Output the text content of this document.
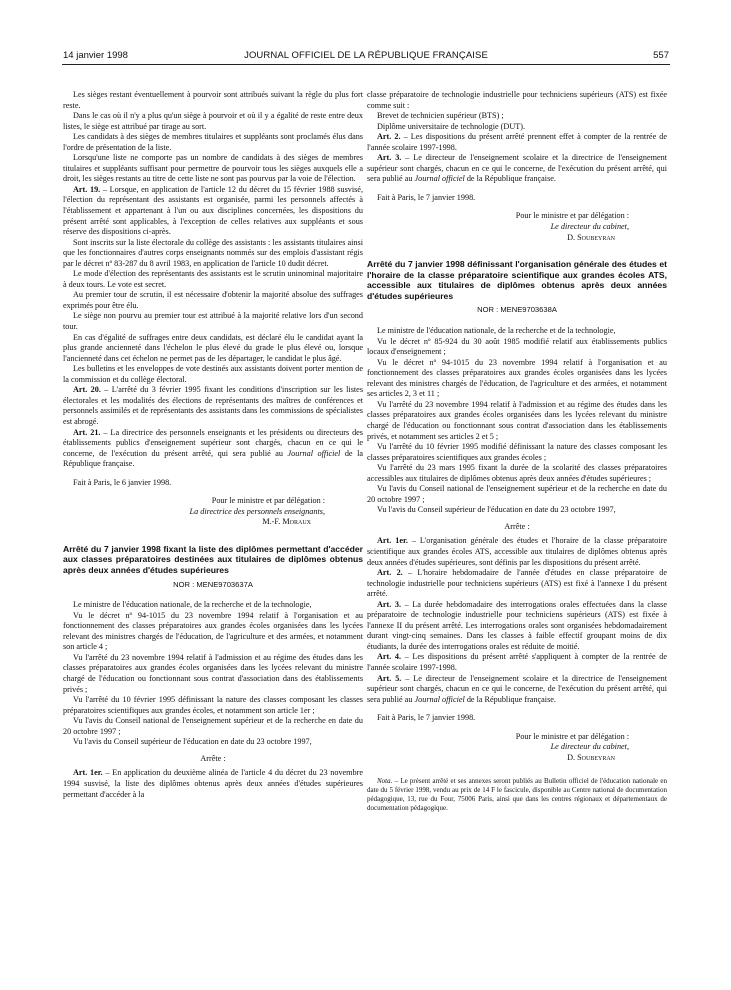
14 janvier 1998	JOURNAL OFFICIEL DE LA RÉPUBLIQUE FRANÇAISE	557

Les sièges restant éventuellement à pourvoir sont attribués suivant la règle du plus fort reste.

Dans le cas où il n'y a plus qu'un siège à pourvoir et où il y a égalité de reste entre deux listes, le siège est attribué par tirage au sort.

Les candidats à des sièges de membres titulaires et suppléants sont proclamés élus dans l'ordre de présentation de la liste.

Lorsqu'une liste ne comporte pas un nombre de candidats à des sièges de membres titulaires et suppléants suffisant pour permettre de pourvoir tous les sièges auxquels elle a droit, les sièges restants au titre de cette liste ne sont pas pourvus par la voie de l'élection.

Art. 19. – Lorsque, en application de l'article 12 du décret du 15 février 1988 susvisé, l'élection du représentant des assistants est organisée, parmi les personnels affectés à l'établissement et appartenant à l'un ou aux disciplines concernées, les dispositions du présent arrêté sont applicables, à l'exception de celles relatives aux suppléants et sous réserve des dispositions ci-après.

Sont inscrits sur la liste électorale du collège des assistants : les assistants titulaires ainsi que les fonctionnaires d'autres corps enseignants nommés sur des emplois d'assistant régis par le décret nº 83-287 du 8 avril 1983, en application de l'article 10 dudit décret.

Le mode d'élection des représentants des assistants est le scrutin uninominal majoritaire à deux tours. Le vote est secret.

Au premier tour de scrutin, il est nécessaire d'obtenir la majorité absolue des suffrages exprimés pour être élu.

Le siège non pourvu au premier tour est attribué à la majorité relative lors d'un second tour.

En cas d'égalité de suffrages entre deux candidats, est déclaré élu le candidat ayant la plus grande ancienneté dans l'échelon le plus élevé du grade le plus élevé ou, lorsque l'ancienneté dans cet échelon ne permet pas de les départager, le candidat le plus âgé.

Les bulletins et les enveloppes de vote destinés aux assistants doivent porter mention de la commission et du collège électoral.

Art. 20. – L'arrêté du 3 février 1995 fixant les conditions d'inscription sur les listes électorales et les modalités des élections de représentants des maîtres de conférences et personnels assimilés et de représentants des assistants dans les commissions de spécialistes est abrogé.

Art. 21. – La directrice des personnels enseignants et les présidents ou directeurs des établissements publics d'enseignement supérieur sont chargés, chacun en ce qui le concerne, de l'exécution du présent arrêté, qui sera publié au Journal officiel de la République française.

Fait à Paris, le 6 janvier 1998.

Pour le ministre et par délégation :

La directrice des personnels enseignants,

M.-F. Moraux

Arrêté du 7 janvier 1998 fixant la liste des diplômes permettant d'accéder aux classes préparatoires destinées aux titulaires de diplômes obtenus après deux années d'études supérieures

NOR : MENE9703637A

Le ministre de l'éducation nationale, de la recherche et de la technologie,

Vu le décret nº 94-1015 du 23 novembre 1994 relatif à l'organisation et au fonctionnement des classes préparatoires aux grandes écoles organisées dans les lycées relevant des ministres chargés de l'éducation, de l'agriculture et des armées, et notamment son article 4 ;

Vu l'arrêté du 23 novembre 1994 relatif à l'admission et au régime des études dans les classes préparatoires aux grandes écoles organisées dans les lycées relevant du ministre chargé de l'éducation ou fonctionnant sous contrat d'association dans des établissements privés ;

Vu l'arrêté du 10 février 1995 définissant la nature des classes composant les classes préparatoires scientifiques aux grandes écoles, et notamment son article 1er ;

Vu l'avis du Conseil national de l'enseignement supérieur et de la recherche en date du 20 octobre 1997 ;

Vu l'avis du Conseil supérieur de l'éducation en date du 23 octobre 1997,

Arrête :

Art. 1er. – En application du deuxième alinéa de l'article 4 du décret du 23 novembre 1994 susvisé, la liste des diplômes obtenus après deux années d'études supérieures permettant d'accéder à la

classe préparatoire de technologie industrielle pour techniciens supérieurs (ATS) est fixée comme suit :

Brevet de technicien supérieur (BTS) ;

Diplôme universitaire de technologie (DUT).

Art. 2. – Les dispositions du présent arrêté prennent effet à compter de la rentrée de l'année scolaire 1997-1998.

Art. 3. – Le directeur de l'enseignement scolaire et la directrice de l'enseignement supérieur sont chargés, chacun en ce qui le concerne, de l'exécution du présent arrêté, qui sera publié au Journal officiel de la République française.

Fait à Paris, le 7 janvier 1998.

Pour le ministre et par délégation :

Le directeur du cabinet,

D. Soubeyran

Arrêté du 7 janvier 1998 définissant l'organisation générale des études et l'horaire de la classe préparatoire scientifique aux grandes écoles ATS, accessible aux titulaires de diplômes obtenus après deux années d'études supérieures

NOR : MENE9703638A

Le ministre de l'éducation nationale, de la recherche et de la technologie,

Vu le décret nº 85-924 du 30 août 1985 modifié relatif aux établissements publics locaux d'enseignement ;

Vu le décret nº 94-1015 du 23 novembre 1994 relatif à l'organisation et au fonctionnement des classes préparatoires aux grandes écoles organisées dans les lycées relevant des ministres chargés de l'éducation, de l'agriculture et des armées, et notamment ses articles 2, 3 et 11 ;

Vu l'arrêté du 23 novembre 1994 relatif à l'admission et au régime des études dans les classes préparatoires aux grandes écoles organisées dans les lycées relevant du ministre chargé de l'éducation ou fonctionnant sous contrat d'association dans les établissements privés, et notamment ses articles 2 et 5 ;

Vu l'arrêté du 10 février 1995 modifié définissant la nature des classes composant les classes préparatoires scientifiques aux grandes écoles ;

Vu l'arrêté du 23 mars 1995 fixant la durée de la scolarité des classes préparatoires accessibles aux titulaires de diplômes obtenus après deux années d'études supérieures ;

Vu l'avis du Conseil national de l'enseignement supérieur et de la recherche en date du 20 octobre 1997 ;

Vu l'avis du Conseil supérieur de l'éducation en date du 23 octobre 1997,

Arrête :

Art. 1er. – L'organisation générale des études et l'horaire de la classe préparatoire scientifique aux grandes écoles ATS, accessible aux titulaires de diplômes obtenus après deux années d'études supérieures, sont définis par les dispositions du présent arrêté.

Art. 2. – L'horaire hebdomadaire de l'année d'études en classe préparatoire de technologie industrielle pour techniciens supérieurs (ATS) est fixé à l'annexe I du présent arrêté.

Art. 3. – La durée hebdomadaire des interrogations orales effectuées dans la classe préparatoire de technologie industrielle pour techniciens supérieurs (ATS) est fixée à l'annexe II du présent arrêté. Les interrogations orales sont organisées hebdomadairement durant vingt-cinq semaines. Dans les classes à faible effectif groupant moins de dix étudiants, la durée des interrogations orales est réduite de moitié.

Art. 4. – Les dispositions du présent arrêté s'appliquent à compter de la rentrée de l'année scolaire 1997-1998.

Art. 5. – Le directeur de l'enseignement scolaire et la directrice de l'enseignement supérieur sont chargés, chacun en ce qui le concerne, de l'exécution du présent arrêté, qui sera publié au Journal officiel de la République française.

Fait à Paris, le 7 janvier 1998.

Pour le ministre et par délégation :

Le directeur du cabinet,

D. Soubeyran

Nota. – Le présent arrêté et ses annexes seront publiés au Bulletin officiel de l'éducation nationale en date du 5 février 1998, vendu au prix de 14 F le fascicule, disponible au Centre national de documentation pédagogique, 13, rue du Four, 75006 Paris, ainsi que dans les centres régionaux et départementaux de documentation pédagogique.
